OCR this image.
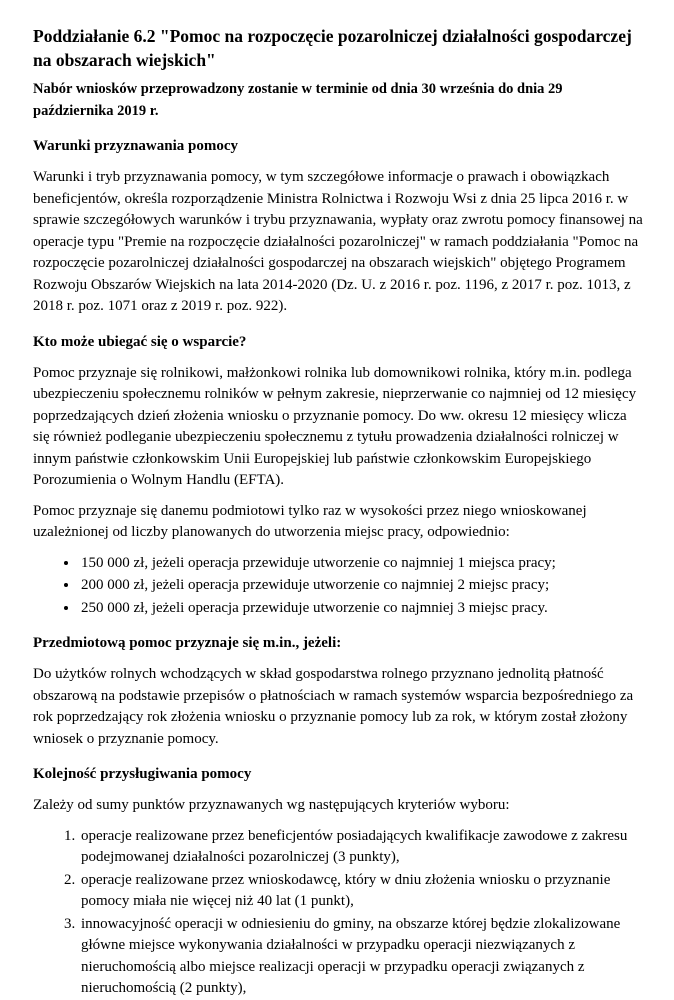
Poddziałanie 6.2 "Pomoc na rozpoczęcie pozarolniczej działalności gospodarczej na obszarach wiejskich"

Nabór wniosków przeprowadzony zostanie w terminie od dnia 30 września do dnia 29 października 2019 r.

Warunki przyznawania pomocy

Warunki i tryb przyznawania pomocy, w tym szczegółowe informacje o prawach i obowiązkach beneficjentów, określa rozporządzenie Ministra Rolnictwa i Rozwoju Wsi z dnia 25 lipca 2016 r. w sprawie szczegółowych warunków i trybu przyznawania, wypłaty oraz zwrotu pomocy finansowej na operacje typu "Premie na rozpoczęcie działalności pozarolniczej" w ramach poddziałania "Pomoc na rozpoczęcie pozarolniczej działalności gospodarczej na obszarach wiejskich" objętego Programem Rozwoju Obszarów Wiejskich na lata 2014-2020 (Dz. U. z 2016 r. poz. 1196, z 2017 r. poz. 1013, z 2018 r. poz. 1071 oraz z 2019 r. poz. 922).

Kto może ubiegać się o wsparcie?

Pomoc przyznaje się rolnikowi, małżonkowi rolnika lub domownikowi rolnika, który m.in. podlega ubezpieczeniu społecznemu rolników w pełnym zakresie, nieprzerwanie co najmniej od 12 miesięcy poprzedzających dzień złożenia wniosku o przyznanie pomocy. Do ww. okresu 12 miesięcy wlicza się również podleganie ubezpieczeniu społecznemu z tytułu prowadzenia działalności rolniczej w innym państwie członkowskim Unii Europejskiej lub państwie członkowskim Europejskiego Porozumienia o Wolnym Handlu (EFTA).

Pomoc przyznaje się danemu podmiotowi tylko raz w wysokości przez niego wnioskowanej uzależnionej od liczby planowanych do utworzenia miejsc pracy, odpowiednio:

• 150 000 zł, jeżeli operacja przewiduje utworzenie co najmniej 1 miejsca pracy;
• 200 000 zł, jeżeli operacja przewiduje utworzenie co najmniej 2 miejsc pracy;
• 250 000 zł, jeżeli operacja przewiduje utworzenie co najmniej 3 miejsc pracy.
Przedmiotową pomoc przyznaje się m.in., jeżeli:

Do użytków rolnych wchodzących w skład gospodarstwa rolnego przyznano jednolitą płatność obszarową na podstawie przepisów o płatnościach w ramach systemów wsparcia bezpośredniego za rok poprzedzający rok złożenia wniosku o przyznanie pomocy lub za rok, w którym został złożony wniosek o przyznanie pomocy.

Kolejność przysługiwania pomocy

Zależy od sumy punktów przyznawanych wg następujących kryteriów wyboru:

1. operacje realizowane przez beneficjentów posiadających kwalifikacje zawodowe z zakresu podejmowanej działalności pozarolniczej (3 punkty),
2. operacje realizowane przez wnioskodawcę, który w dniu złożenia wniosku o przyznanie pomocy miała nie więcej niż 40 lat (1 punkt),
3. innowacyjność operacji w odniesieniu do gminy, na obszarze której będzie zlokalizowane główne miejsce wykonywania działalności w przypadku operacji niezwiązanych z nieruchomością albo miejsce realizacji operacji w przypadku operacji związanych z nieruchomością (2 punkty),
